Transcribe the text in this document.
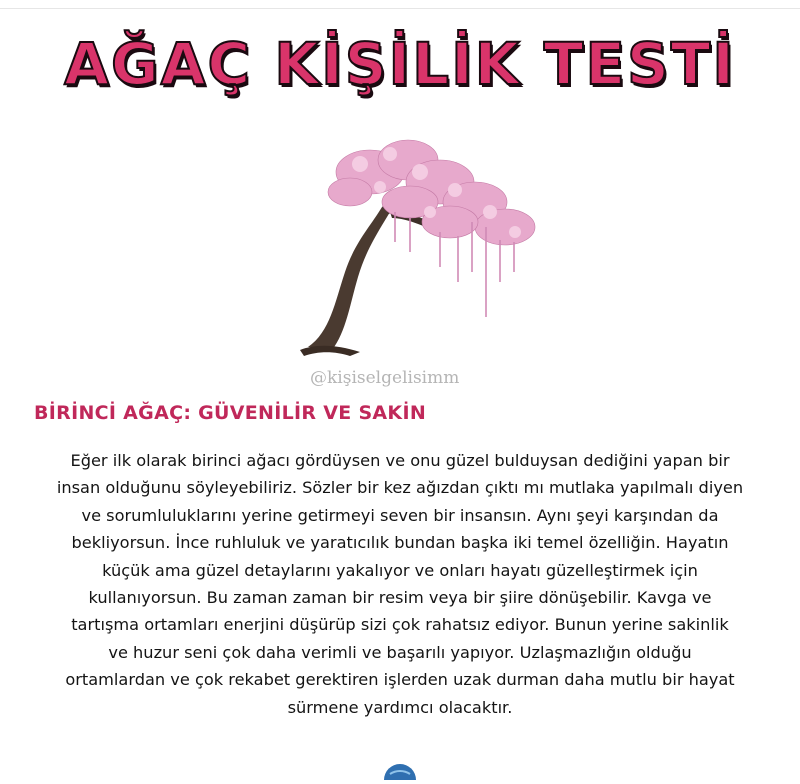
AĞAÇ KİŞİLİK TESTİ
@kişiselgelisimm
BİRİNCİ AĞAÇ: GÜVENİLİR VE SAKİN
Eğer ilk olarak birinci ağacı gördüysen ve onu güzel bulduysan dediğini yapan bir
insan olduğunu söyleyebiliriz. Sözler bir kez ağızdan çıktı mı mutlaka yapılmalı diyen
ve sorumluluklarını yerine getirmeyi seven bir insansın. Aynı şeyi karşından da
bekliyorsun. İnce ruhluluk ve yaratıcılık bundan başka iki temel özelliğin. Hayatın
küçük ama güzel detaylarını yakalıyor ve onları hayatı güzelleştirmek için
kullanıyorsun. Bu zaman zaman bir resim veya bir şiire dönüşebilir. Kavga ve
tartışma ortamları enerjini düşürüp sizi çok rahatsız ediyor. Bunun yerine sakinlik
ve huzur seni çok daha verimli ve başarılı yapıyor. Uzlaşmazlığın olduğu
ortamlardan ve çok rekabet gerektiren işlerden uzak durman daha mutlu bir hayat
sürmene yardımcı olacaktır.
